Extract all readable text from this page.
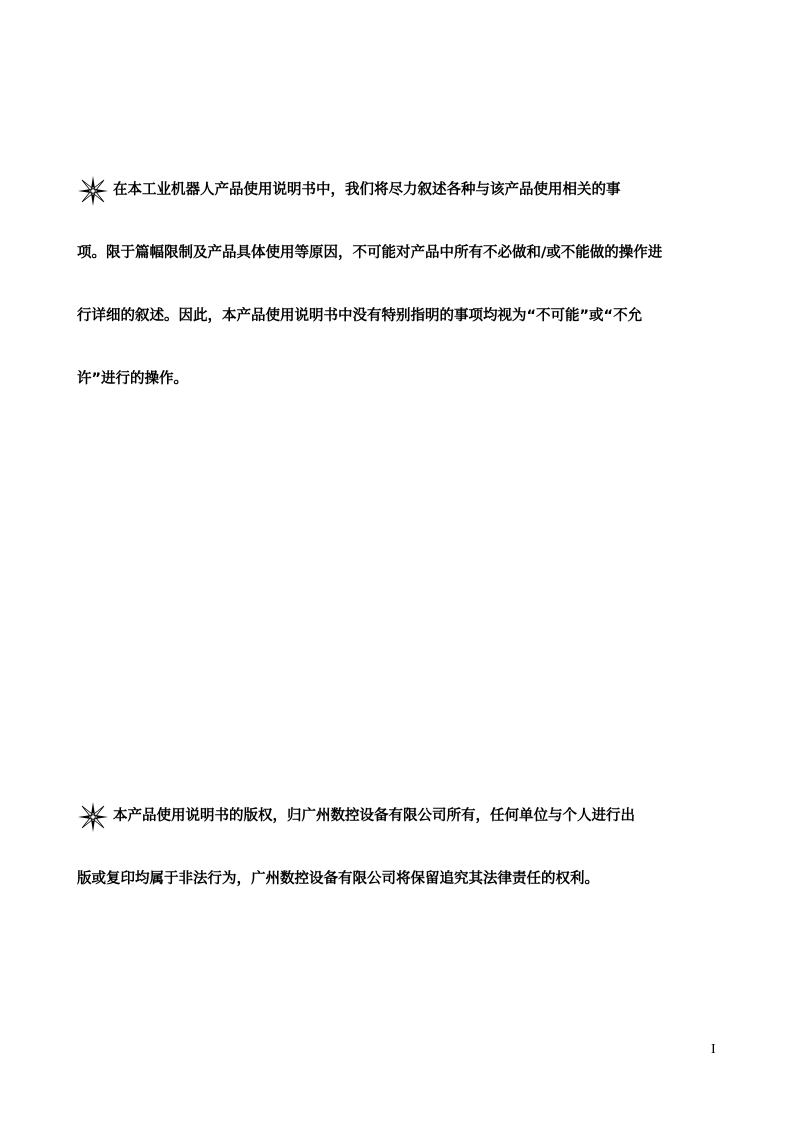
在本工业机器人产品使用说明书中，我们将尽力叙述各种与该产品使用相关的事
项。限于篇幅限制及产品具体使用等原因，不可能对产品中所有不必做和/或不能做的操作进
行详细的叙述。因此，本产品使用说明书中没有特别指明的事项均视为“不可能”或“不允
许”进行的操作。
本产品使用说明书的版权，归广州数控设备有限公司所有，任何单位与个人进行出
版或复印均属于非法行为，广州数控设备有限公司将保留追究其法律责任的权利。
I
